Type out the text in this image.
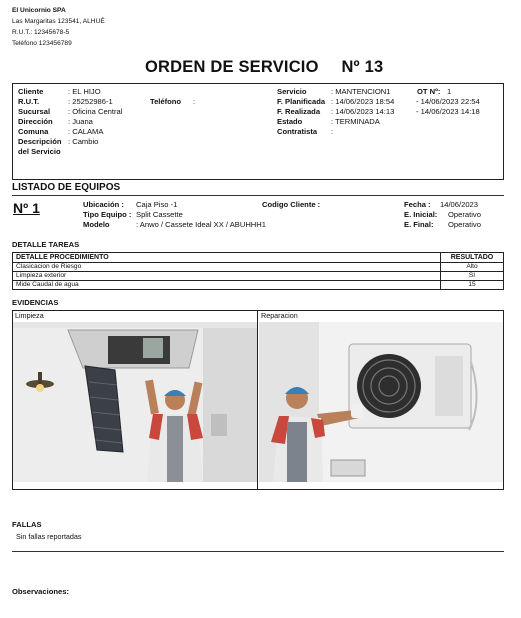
El Unicornio SPA
Las Margaritas 123541, ALHUÉ
R.U.T.: 12345678-5
Teléfono 123456789
ORDEN DE SERVICIO Nº 13
Cliente	: EL HIJO
R.U.T.	: 25252986-1	Teléfono	:
Sucursal	: Oficina Central
Dirección	: Juana
Comuna	: CALAMA
Descripción : Cambio
del Servicio
Servicio	: MANTENCION1	OT Nº: 1
F. Planificada : 14/06/2023 18:54	- 14/06/2023 22:54
F. Realizada	: 14/06/2023 14:13	- 14/06/2023 14:18
Estado	: TERMINADA
Contratista	:
LISTADO DE EQUIPOS
Nº 1	Ubicación :	Caja Piso -1
Tipo Equipo : Split Cassette
Modelo	: Anwo / Cassete Ideal XX / ABUHHH1
Codigo Cliente :	Fecha :	14/06/2023
E. Inicial:	Operativo
E. Final:	Operativo
DETALLE TAREAS
DETALLE PROCEDIMIENTO	RESULTADO
Clasicacion de Riesgo	Alto
Limpieza exterior	SI
Mide Caudal de agua	15
EVIDENCIAS
Limpieza	Reparacion
FALLAS
Sin fallas reportadas
Observaciones:
